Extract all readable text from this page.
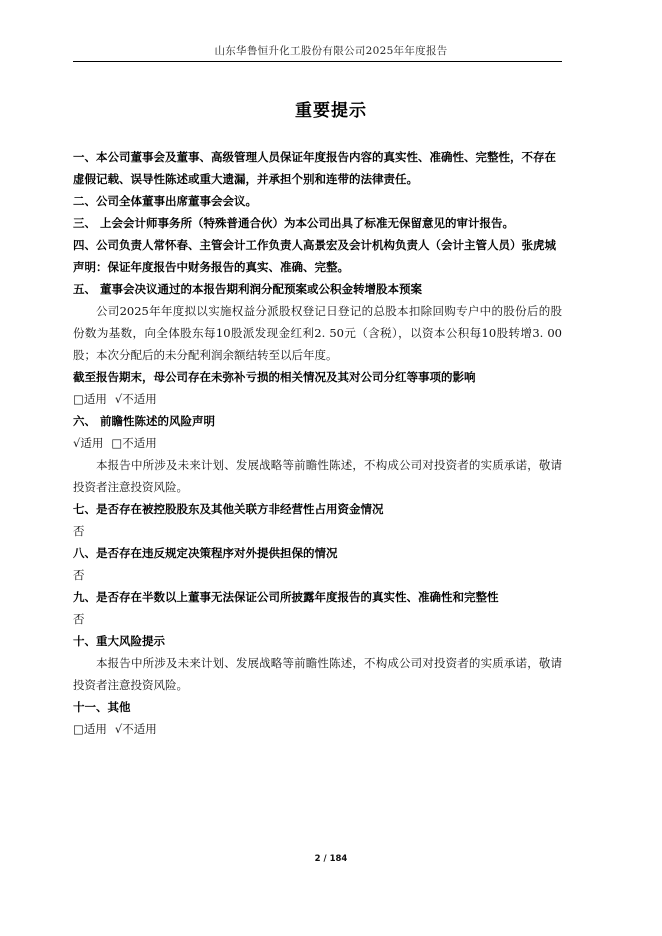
山东华鲁恒升化工股份有限公司2025年年度报告
重要提示
一、本公司董事会及董事、高级管理人员保证年度报告内容的真实性、准确性、完整性，不存在
虚假记载、误导性陈述或重大遗漏，并承担个别和连带的法律责任。
二、公司全体董事出席董事会会议。
三、 上会会计师事务所（特殊普通合伙）为本公司出具了标准无保留意见的审计报告。
四、公司负责人常怀春、主管会计工作负责人高景宏及会计机构负责人（会计主管人员）张虎城
声明：保证年度报告中财务报告的真实、准确、完整。
五、 董事会决议通过的本报告期利润分配预案或公积金转增股本预案
公司2025年年度拟以实施权益分派股权登记日登记的总股本扣除回购专户中的股份后的股份数为基数，向全体股东每10股派发现金红利2. 50元（含税），以资本公积每10股转增3. 00股；本次分配后的未分配利润余额结转至以后年度。
截至报告期末，母公司存在未弥补亏损的相关情况及其对公司分红等事项的影响
□适用 √不适用
六、 前瞻性陈述的风险声明
√适用 □不适用
本报告中所涉及未来计划、发展战略等前瞻性陈述，不构成公司对投资者的实质承诺，敬请投资者注意投资风险。
七、是否存在被控股股东及其他关联方非经营性占用资金情况
否
八、是否存在违反规定决策程序对外提供担保的情况
否
九、是否存在半数以上董事无法保证公司所披露年度报告的真实性、准确性和完整性
否
十、重大风险提示
本报告中所涉及未来计划、发展战略等前瞻性陈述，不构成公司对投资者的实质承诺，敬请投资者注意投资风险。
十一、其他
□适用 √不适用
2 / 184
